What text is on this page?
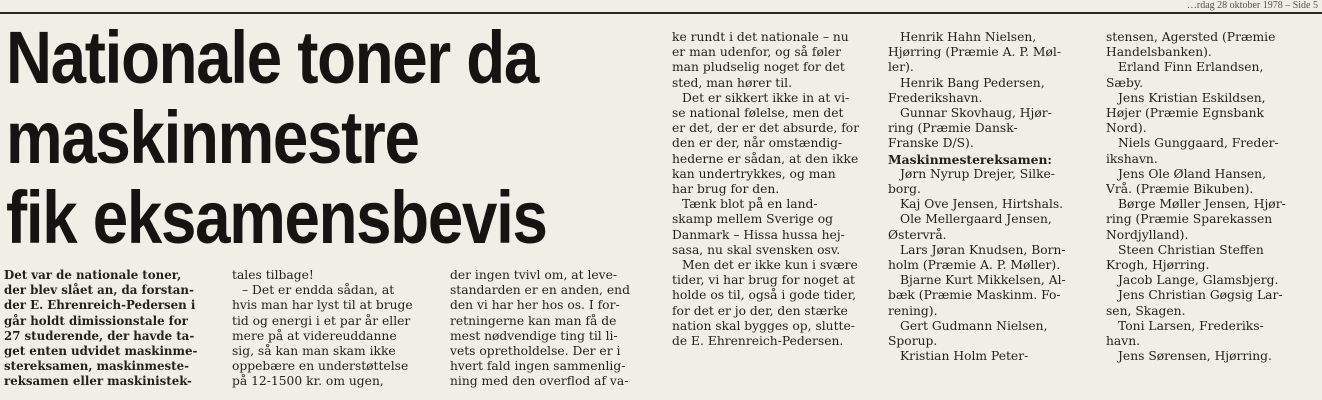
…rdag 28 oktober 1978 – Side 5
Nationale toner da
maskinmestre
fik eksamensbevis

Det var de nationale toner,

der blev slået an, da forstan-

der E. Ehrenreich-Pedersen i

går holdt dimissionstale for

27 studerende, der havde ta-

get enten udvidet maskinme-

stereksamen, maskinmeste-

reksamen eller maskinistek-

tales tilbage!

– Det er endda sådan, at

hvis man har lyst til at bruge

tid og energi i et par år eller

mere på at videreuddanne

sig, så kan man skam ikke

oppebære en understøttelse

på 12-1500 kr. om ugen,

der ingen tvivl om, at leve-

standarden er en anden, end

den vi har her hos os. I for-

retningerne kan man få de

mest nødvendige ting til li-

vets opretholdelse. Der er i

hvert fald ingen sammenlig-

ning med den overflod af va-

ke rundt i det nationale – nu

er man udenfor, og så føler

man pludselig noget for det

sted, man hører til.

Det er sikkert ikke in at vi-

se national følelse, men det

er det, der er det absurde, for

den er der, når omstændig-

hederne er sådan, at den ikke

kan undertrykkes, og man

har brug for den.

Tænk blot på en land-

skamp mellem Sverige og

Danmark – Hissa hussa hej-

sasa, nu skal svensken osv.

Men det er ikke kun i svære

tider, vi har brug for noget at

holde os til, også i gode tider,

for det er jo der, den stærke

nation skal bygges op, slutte-

de E. Ehrenreich-Pedersen.

Henrik Hahn Nielsen,

Hjørring (Præmie A. P. Møl-

ler).

Henrik Bang Pedersen,

Frederikshavn.

Gunnar Skovhaug, Hjør-

ring (Præmie Dansk-

Franske D/S).

Maskinmestereksamen:

Jørn Nyrup Drejer, Silke-

borg.

Kaj Ove Jensen, Hirtshals.

Ole Mellergaard Jensen,

Østervrå.

Lars Jøran Knudsen, Born-

holm (Præmie A. P. Møller).

Bjarne Kurt Mikkelsen, Al-

bæk (Præmie Maskinm. Fo-

rening).

Gert Gudmann Nielsen,

Sporup.

Kristian Holm Peter-

stensen, Agersted (Præmie

Handelsbanken).

Erland Finn Erlandsen,

Sæby.

Jens Kristian Eskildsen,

Højer (Præmie Egnsbank

Nord).

Niels Gunggaard, Freder-

ikshavn.

Jens Ole Øland Hansen,

Vrå. (Præmie Bikuben).

Børge Møller Jensen, Hjør-

ring (Præmie Sparekassen

Nordjylland).

Steen Christian Steffen

Krogh, Hjørring.

Jacob Lange, Glamsbjerg.

Jens Christian Gøgsig Lar-

sen, Skagen.

Toni Larsen, Frederiks-

havn.

Jens Sørensen, Hjørring.
